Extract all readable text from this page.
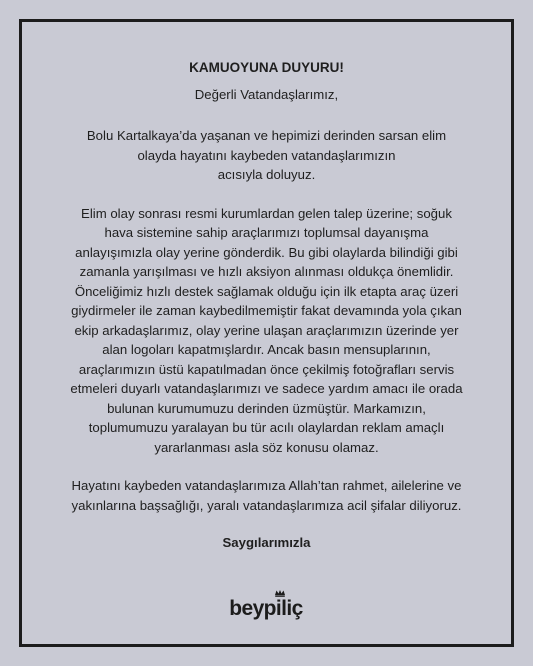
KAMUOYUNA DUYURU!
Değerli Vatandaşlarımız,
Bolu Kartalkaya’da yaşanan ve hepimizi derinden sarsan elim
olayda hayatını kaybeden vatandaşlarımızın
acısıyla doluyuz.
Elim olay sonrası resmi kurumlardan gelen talep üzerine; soğuk
hava sistemine sahip araçlarımızı toplumsal dayanışma
anlayışımızla olay yerine gönderdik. Bu gibi olaylarda bilindiği gibi
zamanla yarışılması ve hızlı aksiyon alınması oldukça önemlidir.
Önceliğimiz hızlı destek sağlamak olduğu için ilk etapta araç üzeri
giydirmeler ile zaman kaybedilmemiştir fakat devamında yola çıkan
ekip arkadaşlarımız, olay yerine ulaşan araçlarımızın üzerinde yer
alan logoları kapatmışlardır. Ancak basın mensuplarının,
araçlarımızın üstü kapatılmadan önce çekilmiş fotoğrafları servis
etmeleri duyarlı vatandaşlarımızı ve sadece yardım amacı ile orada
bulunan kurumumuzu derinden üzmüştür. Markamızın,
toplumumuzu yaralayan bu tür acılı olaylardan reklam amaçlı
yararlanması asla söz konusu olamaz.
Hayatını kaybeden vatandaşlarımıza Allah’tan rahmet, ailelerine ve
yakınlarına başsağlığı, yaralı vatandaşlarımıza acil şifalar diliyoruz.
Saygılarımızla
beypiliç
